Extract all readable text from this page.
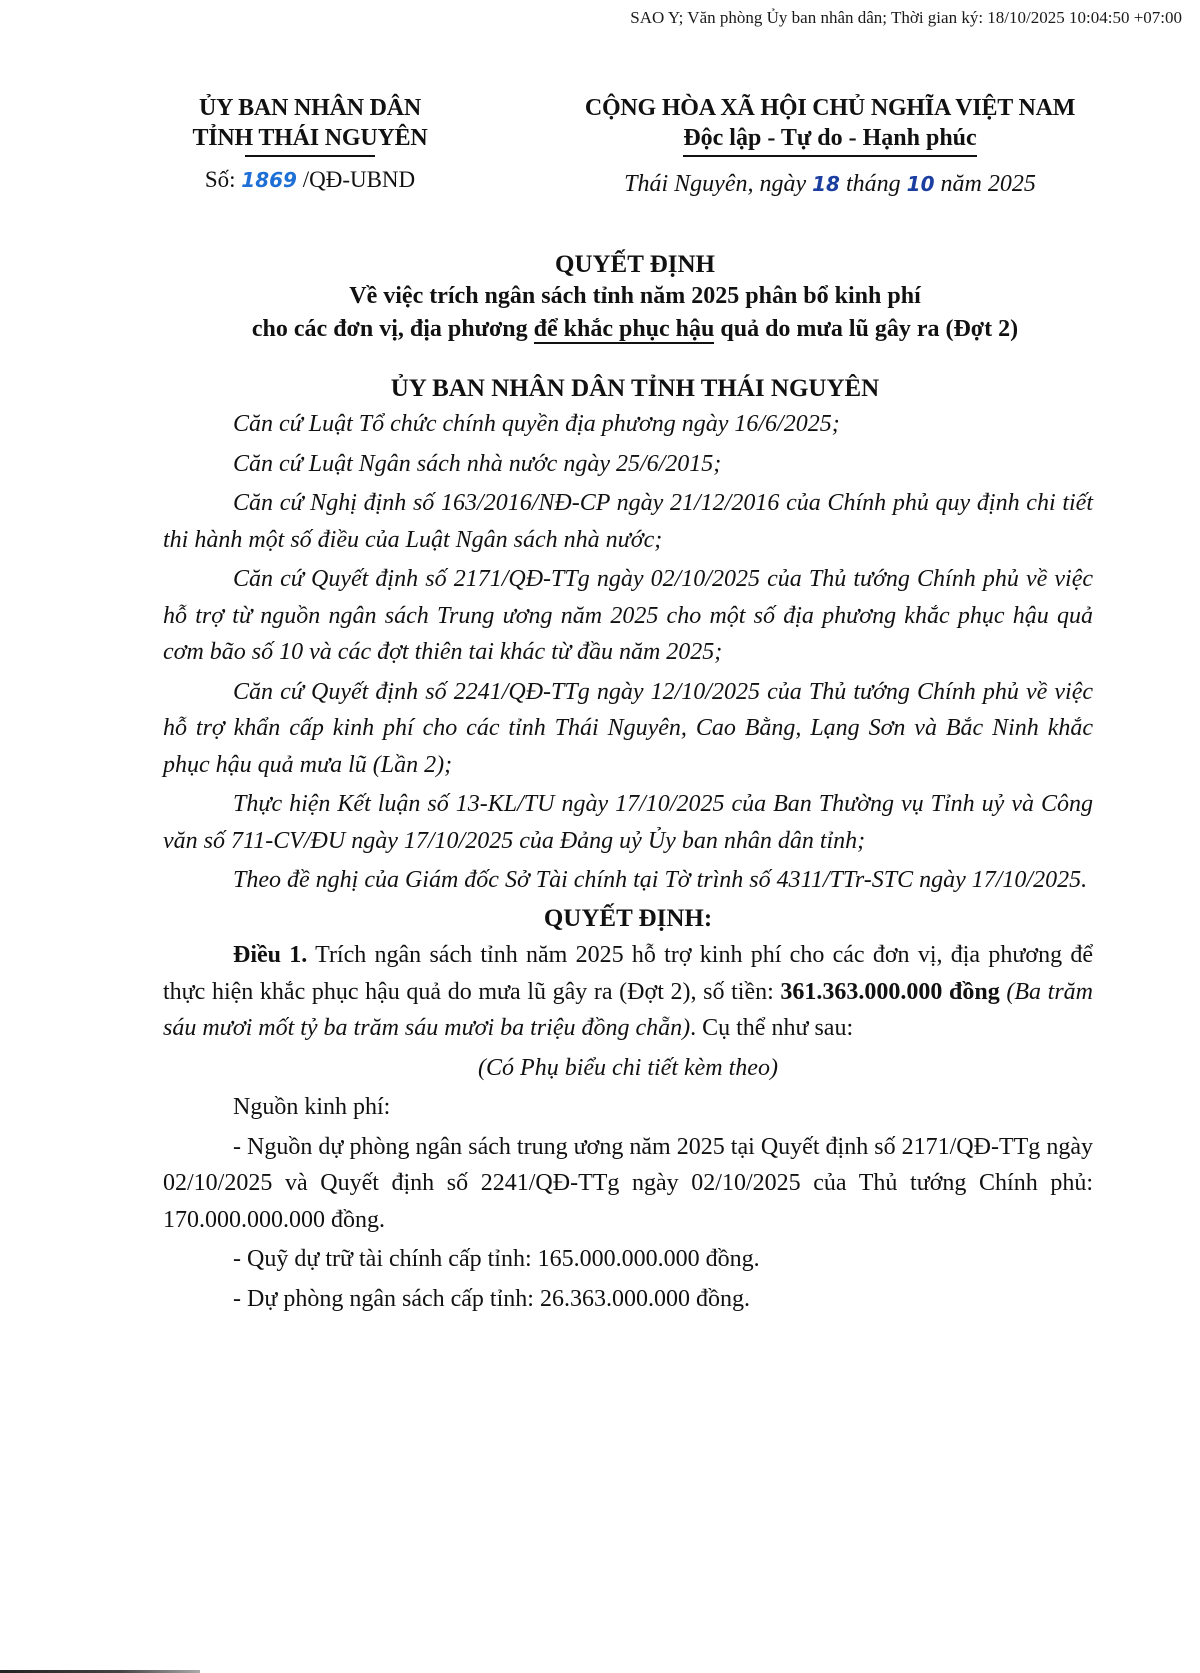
SAO Y; Văn phòng Ủy ban nhân dân; Thời gian ký: 18/10/2025 10:04:50 +07:00
ỦY BAN NHÂN DÂN
TỈNH THÁI NGUYÊN
Số: 1869 /QĐ-UBND
CỘNG HÒA XÃ HỘI CHỦ NGHĨA VIỆT NAM
Độc lập - Tự do - Hạnh phúc
Thái Nguyên, ngày 18 tháng 10 năm 2025
QUYẾT ĐỊNH
Về việc trích ngân sách tỉnh năm 2025 phân bổ kinh phí
cho các đơn vị, địa phương để khắc phục hậu quả do mưa lũ gây ra (Đợt 2)
ỦY BAN NHÂN DÂN TỈNH THÁI NGUYÊN

Căn cứ Luật Tổ chức chính quyền địa phương ngày 16/6/2025;

Căn cứ Luật Ngân sách nhà nước ngày 25/6/2015;

Căn cứ Nghị định số 163/2016/NĐ-CP ngày 21/12/2016 của Chính phủ quy định chi tiết thi hành một số điều của Luật Ngân sách nhà nước;

Căn cứ Quyết định số 2171/QĐ-TTg ngày 02/10/2025 của Thủ tướng Chính phủ về việc hỗ trợ từ nguồn ngân sách Trung ương năm 2025 cho một số địa phương khắc phục hậu quả cơm bão số 10 và các đợt thiên tai khác từ đầu năm 2025;

Căn cứ Quyết định số 2241/QĐ-TTg ngày 12/10/2025 của Thủ tướng Chính phủ về việc hỗ trợ khẩn cấp kinh phí cho các tỉnh Thái Nguyên, Cao Bằng, Lạng Sơn và Bắc Ninh khắc phục hậu quả mưa lũ (Lần 2);

Thực hiện Kết luận số 13-KL/TU ngày 17/10/2025 của Ban Thường vụ Tỉnh uỷ và Công văn số 711-CV/ĐU ngày 17/10/2025 của Đảng uỷ Ủy ban nhân dân tỉnh;

Theo đề nghị của Giám đốc Sở Tài chính tại Tờ trình số 4311/TTr-STC ngày 17/10/2025.

QUYẾT ĐỊNH:

Điều 1. Trích ngân sách tỉnh năm 2025 hỗ trợ kinh phí cho các đơn vị, địa phương để thực hiện khắc phục hậu quả do mưa lũ gây ra (Đợt 2), số tiền: 361.363.000.000 đồng (Ba trăm sáu mươi mốt tỷ ba trăm sáu mươi ba triệu đồng chẵn). Cụ thể như sau:

(Có Phụ biểu chi tiết kèm theo)

Nguồn kinh phí:

- Nguồn dự phòng ngân sách trung ương năm 2025 tại Quyết định số 2171/QĐ-TTg ngày 02/10/2025 và Quyết định số 2241/QĐ-TTg ngày 02/10/2025 của Thủ tướng Chính phủ: 170.000.000.000 đồng.

- Quỹ dự trữ tài chính cấp tỉnh: 165.000.000.000 đồng.

- Dự phòng ngân sách cấp tỉnh: 26.363.000.000 đồng.
